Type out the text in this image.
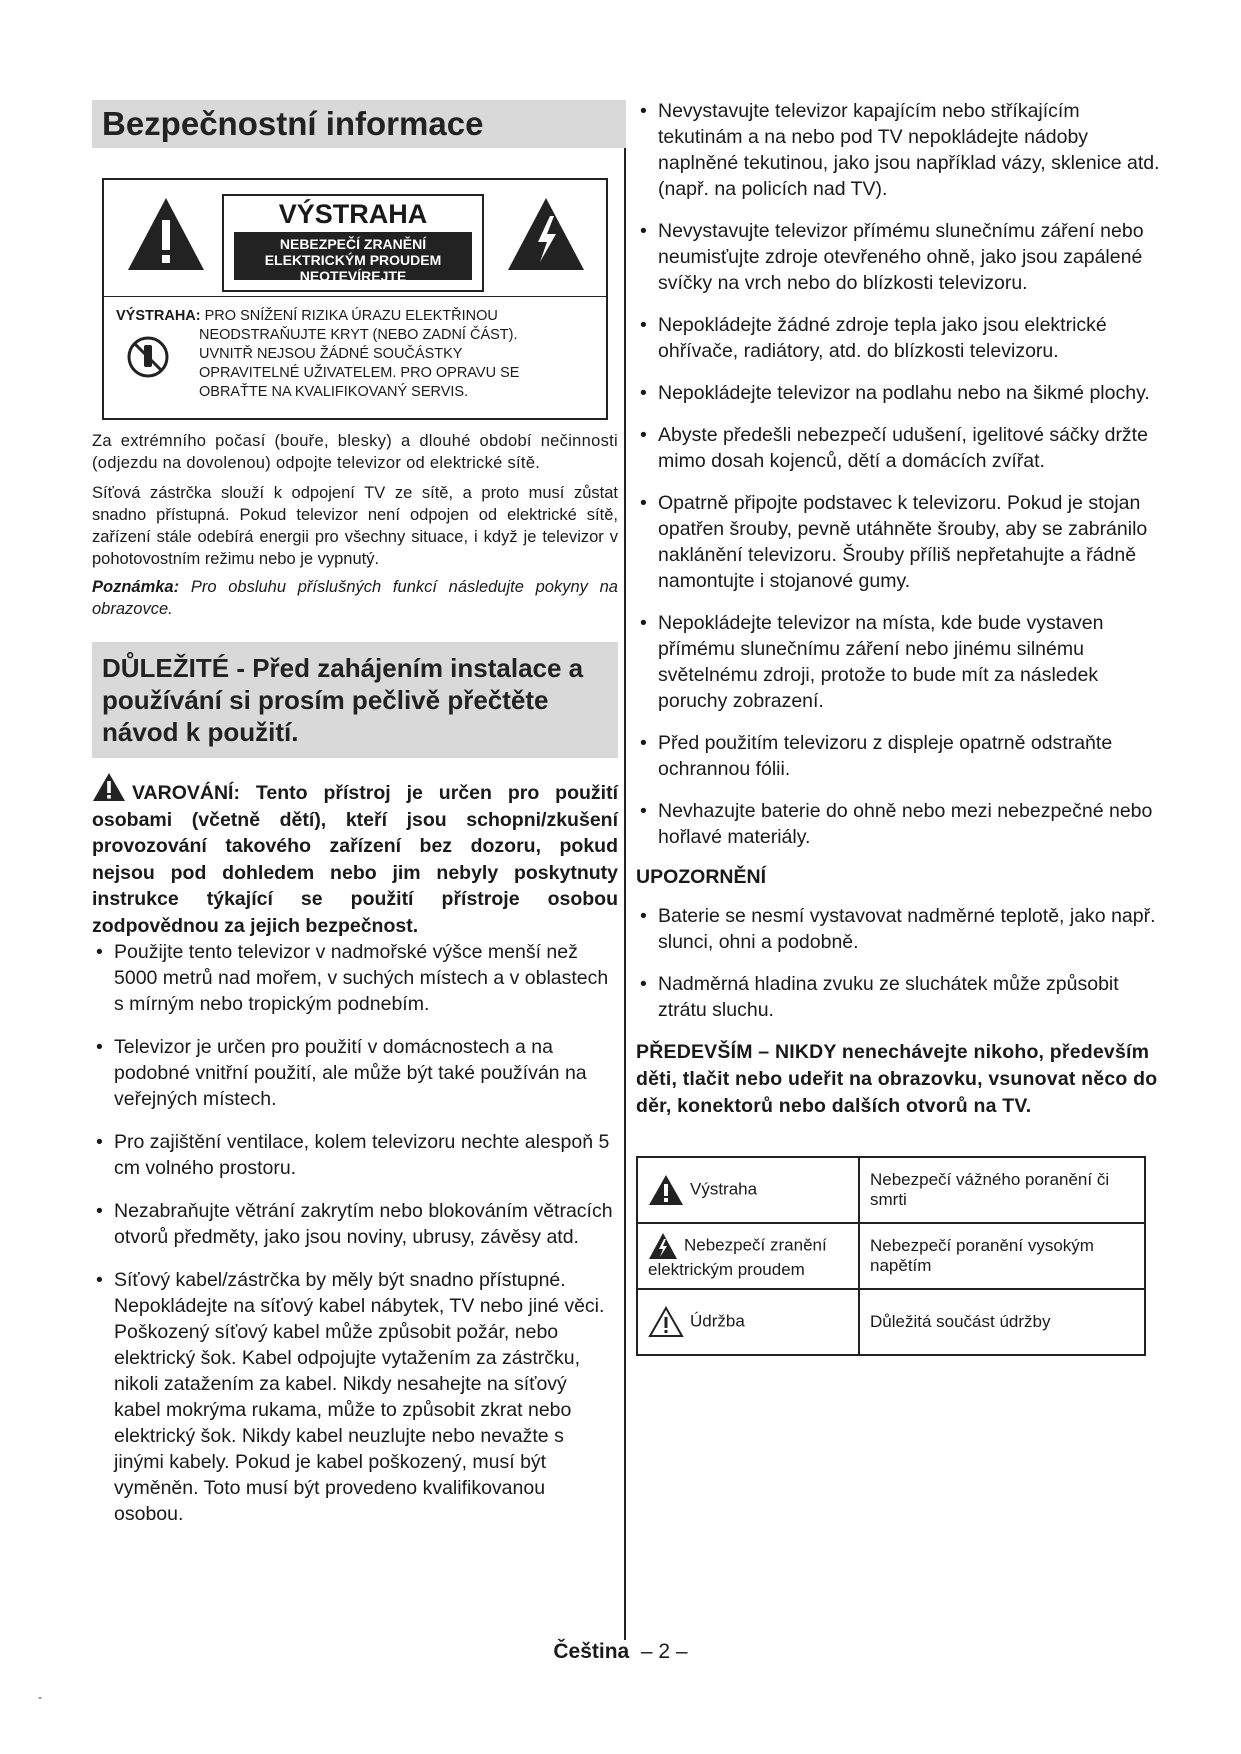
Bezpečnostní informace
VÝSTRAHA
NEBEZPEČÍ ZRANĚNÍ
ELEKTRICKÝM PROUDEM
NEOTEVÍREJTE
VÝSTRAHA: PRO SNÍŽENÍ RIZIKA ÚRAZU ELEKTŘINOU
NEODSTRAŇUJTE KRYT (NEBO ZADNÍ ČÁST).
UVNITŘ NEJSOU ŽÁDNÉ SOUČÁSTKY
OPRAVITELNÉ UŽIVATELEM. PRO OPRAVU SE
OBRAŤTE NA KVALIFIKOVANÝ SERVIS.

Za extrémního počasí (bouře, blesky) a dlouhé období nečinnosti (odjezdu na dovolenou) odpojte televizor od elektrické sítě.

Síťová zástrčka slouží k odpojení TV ze sítě, a proto musí zůstat snadno přístupná. Pokud televizor není odpojen od elektrické sítě, zařízení stále odebírá energii pro všechny situace, i když je televizor v pohotovostním režimu nebo je vypnutý.

Poznámka: Pro obsluhu příslušných funkcí následujte pokyny na obrazovce.

DŮLEŽITÉ - Před zahájením instalace a používání si prosím pečlivě přečtěte návod k použití.
VAROVÁNÍ: Tento přístroj je určen pro použití osobami (včetně dětí), kteří jsou schopni/zkušení provozování takového zařízení bez dozoru, pokud nejsou pod dohledem nebo jim nebyly poskytnuty instrukce týkající se použití přístroje osobou zodpovědnou za jejich bezpečnost.
• Použijte tento televizor v nadmořské výšce menší než 5000 metrů nad mořem, v suchých místech a v oblastech s mírným nebo tropickým podnebím.
• Televizor je určen pro použití v domácnostech a na podobné vnitřní použití, ale může být také používán na veřejných místech.
• Pro zajištění ventilace, kolem televizoru nechte alespoň 5 cm volného prostoru.
• Nezabraňujte větrání zakrytím nebo blokováním větracích otvorů předměty, jako jsou noviny, ubrusy, závěsy atd.
• Síťový kabel/zástrčka by měly být snadno přístupné. Nepokládejte na síťový kabel nábytek, TV nebo jiné věci. Poškozený síťový kabel může způsobit požár, nebo elektrický šok. Kabel odpojujte vytažením za zástrčku, nikoli zatažením za kabel. Nikdy nesahejte na síťový kabel mokrýma rukama, může to způsobit zkrat nebo elektrický šok. Nikdy kabel neuzlujte nebo nevažte s jinými kabely. Pokud je kabel poškozený, musí být vyměněn. Toto musí být provedeno kvalifikovanou osobou.
• Nevystavujte televizor kapajícím nebo stříkajícím tekutinám a na nebo pod TV nepokládejte nádoby naplněné tekutinou, jako jsou například vázy, sklenice atd. (např. na policích nad TV).
• Nevystavujte televizor přímému slunečnímu záření nebo neumisťujte zdroje otevřeného ohně, jako jsou zapálené svíčky na vrch nebo do blízkosti televizoru.
• Nepokládejte žádné zdroje tepla jako jsou elektrické ohřívače, radiátory, atd. do blízkosti televizoru.
• Nepokládejte televizor na podlahu nebo na šikmé plochy.
• Abyste předešli nebezpečí udušení, igelitové sáčky držte mimo dosah kojenců, dětí a domácích zvířat.
• Opatrně připojte podstavec k televizoru. Pokud je stojan opatřen šrouby, pevně utáhněte šrouby, aby se zabránilo naklánění televizoru. Šrouby příliš nepřetahujte a řádně namontujte i stojanové gumy.
• Nepokládejte televizor na místa, kde bude vystaven přímému slunečnímu záření nebo jinému silnému světelnému zdroji, protože to bude mít za následek poruchy zobrazení.
• Před použitím televizoru z displeje opatrně odstraňte ochrannou fólii.
• Nevhazujte baterie do ohně nebo mezi nebezpečné nebo hořlavé materiály.
UPOZORNĚNÍ
• Baterie se nesmí vystavovat nadměrné teplotě, jako např. slunci, ohni a podobně.
• Nadměrná hladina zvuku ze sluchátek může způsobit ztrátu sluchu.
PŘEDEVŠÍM – NIKDY nenechávejte nikoho, především děti, tlačit nebo udeřit na obrazovku, vsunovat něco do děr, konektorů nebo dalších otvorů na TV.
Výstraha	Nebezpečí vážného poranění či smrti
Nebezpečí zranění elektrickým proudem	Nebezpečí poranění vysokým napětím
Údržba	Důležitá součást údržby
Čeština – 2 –
-
